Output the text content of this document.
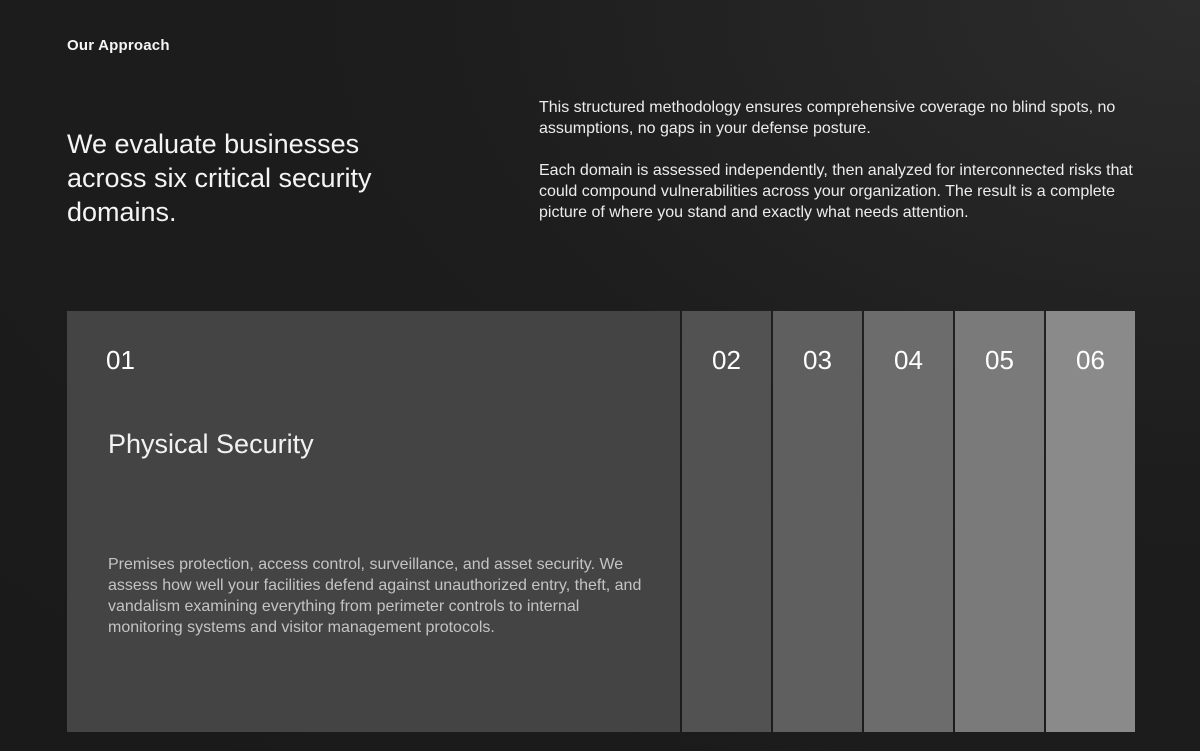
Our Approach
We evaluate businesses across six critical security domains.

This structured methodology ensures comprehensive coverage no blind spots, no assumptions, no gaps in your defense posture.

Each domain is assessed independently, then analyzed for interconnected risks that could compound vulnerabilities across your organization. The result is a complete picture of where you stand and exactly what needs attention.

01
Physical Security

Premises protection, access control, surveillance, and asset security. We assess how well your facilities defend against unauthorized entry, theft, and vandalism examining everything from perimeter controls to internal monitoring systems and visitor management protocols.

02	03	04	05	06
